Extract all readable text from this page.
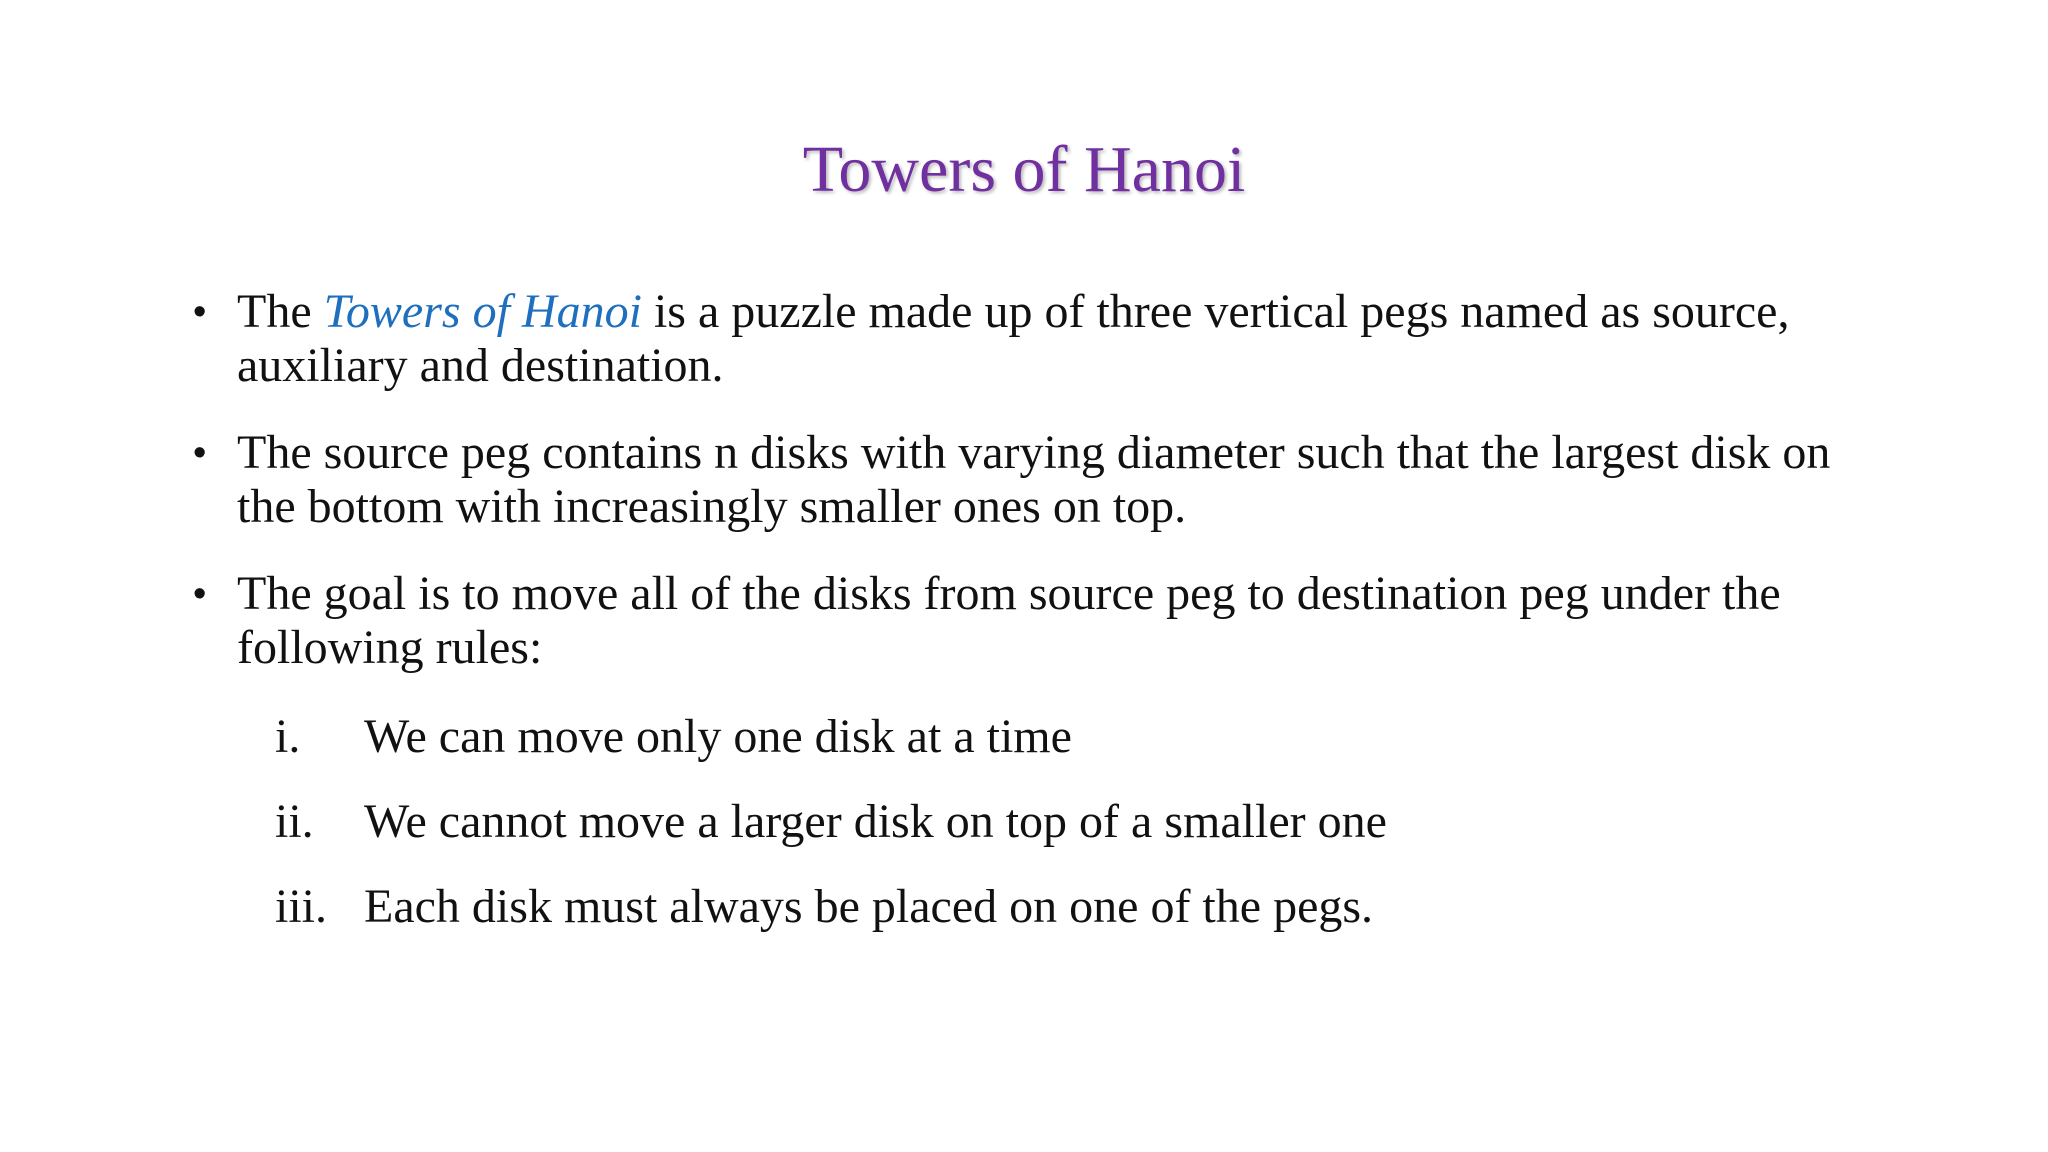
Towers of Hanoi
• The Towers of Hanoi is a puzzle made up of three vertical pegs named as source, auxiliary and destination.
• The source peg contains n disks with varying diameter such that the largest disk on the bottom with increasingly smaller ones on top.
• The goal is to move all of the disks from source peg to destination peg under the following rules:
i. We can move only one disk at a time
ii. We cannot move a larger disk on top of a smaller one
iii. Each disk must always be placed on one of the pegs.
